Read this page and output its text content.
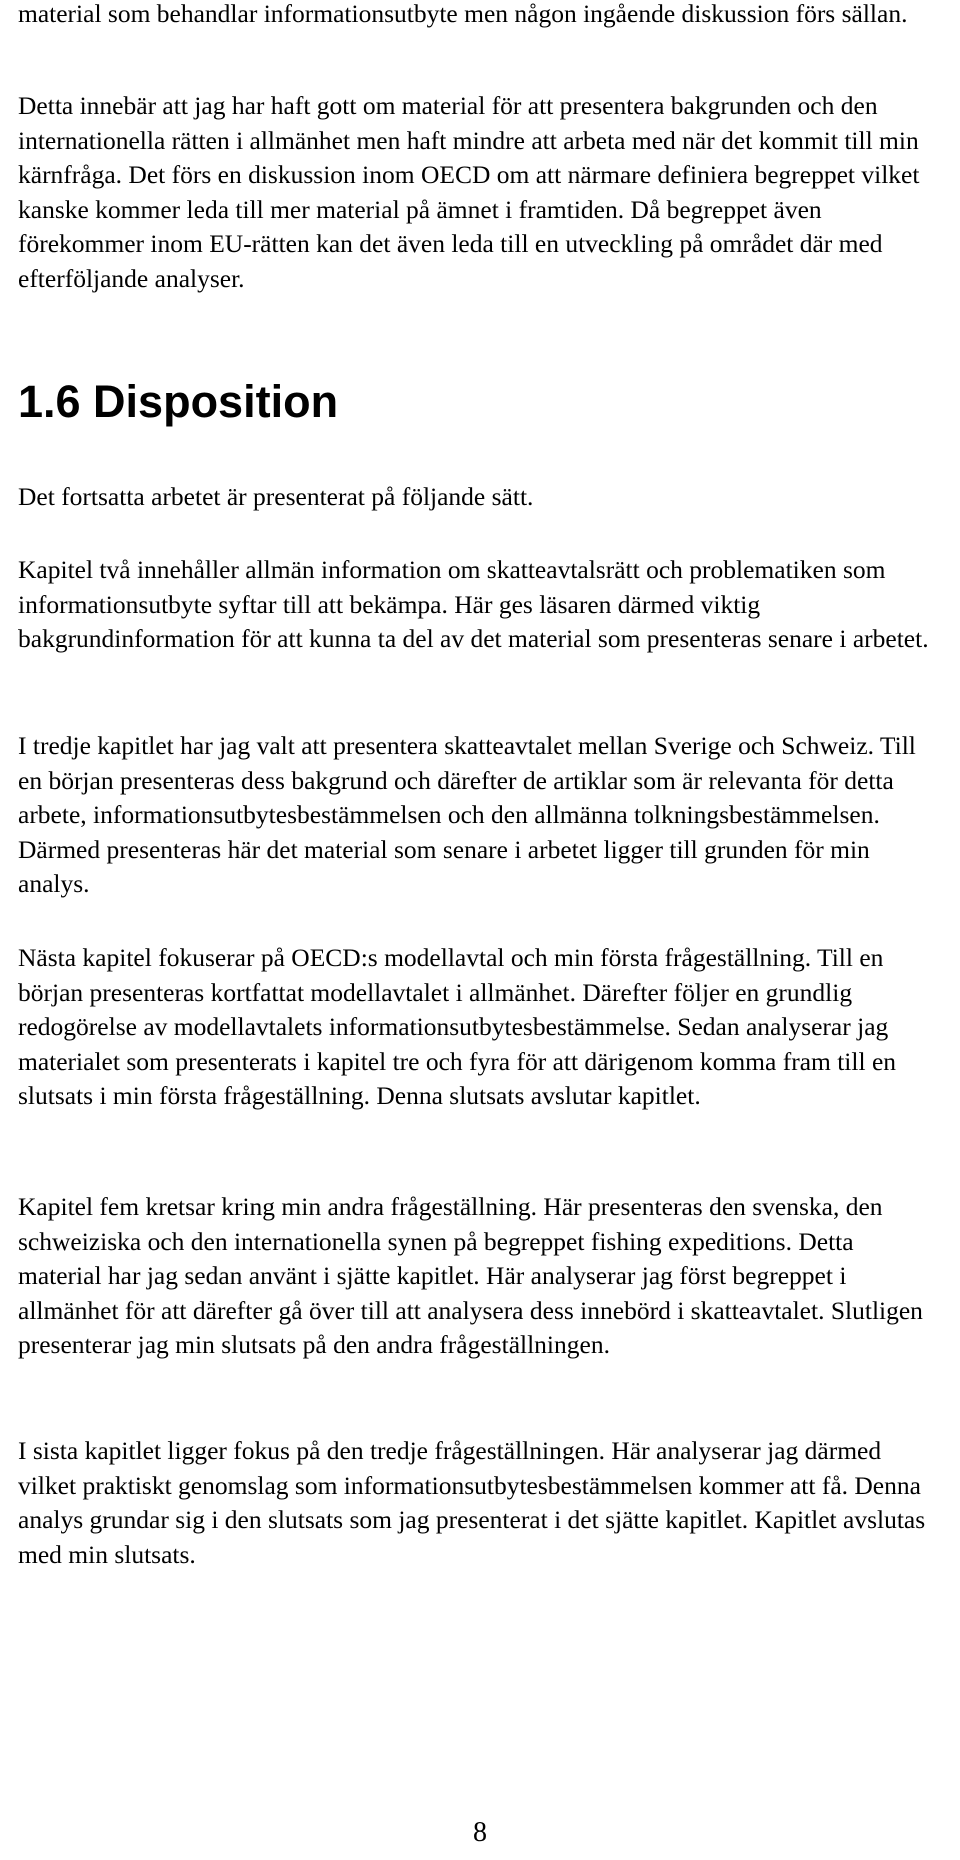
material som behandlar informationsutbyte men någon ingående diskussion förs sällan.

Detta innebär att jag har haft gott om material för att presentera bakgrunden och den internationella rätten i allmänhet men haft mindre att arbeta med när det kommit till min kärnfråga. Det förs en diskussion inom OECD om att närmare definiera begreppet vilket kanske kommer leda till mer material på ämnet i framtiden. Då begreppet även förekommer inom EU-rätten kan det även leda till en utveckling på området där med efterföljande analyser.

1.6 Disposition

Det fortsatta arbetet är presenterat på följande sätt.

Kapitel två innehåller allmän information om skatteavtalsrätt och problematiken som informationsutbyte syftar till att bekämpa. Här ges läsaren därmed viktig bakgrundinformation för att kunna ta del av det material som presenteras senare i arbetet.

I tredje kapitlet har jag valt att presentera skatteavtalet mellan Sverige och Schweiz. Till en början presenteras dess bakgrund och därefter de artiklar som är relevanta för detta arbete, informationsutbytesbestämmelsen och den allmänna tolkningsbestämmelsen. Därmed presenteras här det material som senare i arbetet ligger till grunden för min analys.

Nästa kapitel fokuserar på OECD:s modellavtal och min första frågeställning. Till en början presenteras kortfattat modellavtalet i allmänhet. Därefter följer en grundlig redogörelse av modellavtalets informationsutbytesbestämmelse. Sedan analyserar jag materialet som presenterats i kapitel tre och fyra för att därigenom komma fram till en slutsats i min första frågeställning. Denna slutsats avslutar kapitlet.

Kapitel fem kretsar kring min andra frågeställning. Här presenteras den svenska, den schweiziska och den internationella synen på begreppet fishing expeditions. Detta material har jag sedan använt i sjätte kapitlet. Här analyserar jag först begreppet i allmänhet för att därefter gå över till att analysera dess innebörd i skatteavtalet. Slutligen presenterar jag min slutsats på den andra frågeställningen.

I sista kapitlet ligger fokus på den tredje frågeställningen. Här analyserar jag därmed vilket praktiskt genomslag som informationsutbytesbestämmelsen kommer att få. Denna analys grundar sig i den slutsats som jag presenterat i det sjätte kapitlet. Kapitlet avslutas med min slutsats.

8
